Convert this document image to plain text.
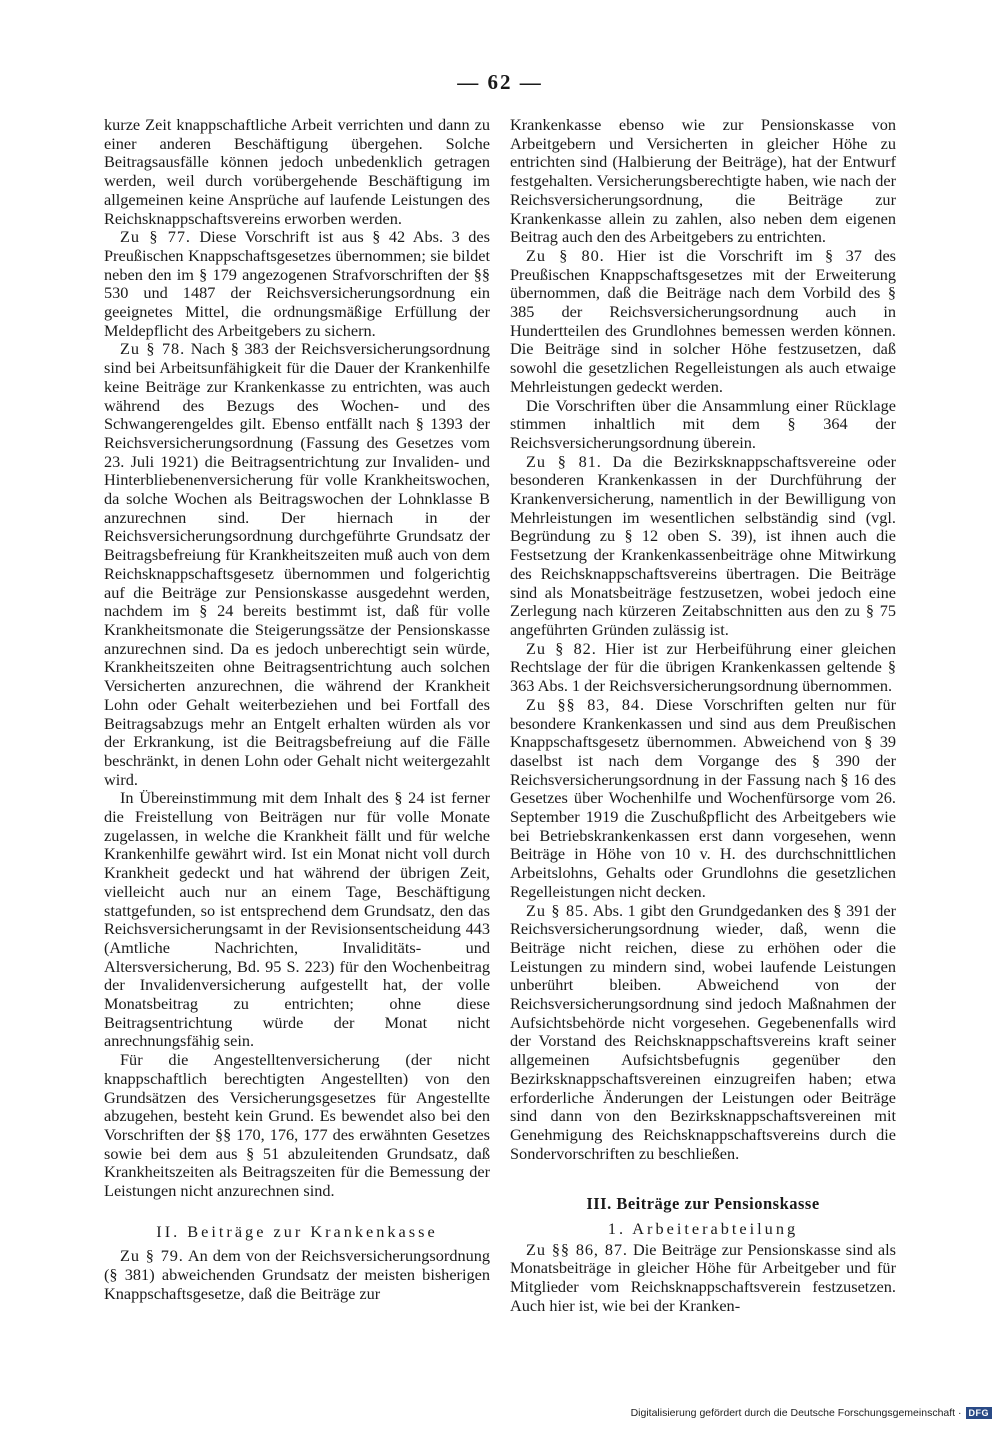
— 62 —

kurze Zeit knappschaftliche Arbeit verrichten und dann zu einer anderen Beschäftigung übergehen. Solche Beitragsausfälle können jedoch unbedenklich getragen werden, weil durch vorübergehende Beschäftigung im allgemeinen keine Ansprüche auf laufende Leistungen des Reichsknappschaftsvereins erworben werden.

Zu § 77. Diese Vorschrift ist aus § 42 Abs. 3 des Preußischen Knappschaftsgesetzes übernommen; sie bildet neben den im § 179 angezogenen Strafvorschriften der §§ 530 und 1487 der Reichsversicherungsordnung ein geeignetes Mittel, die ordnungsmäßige Erfüllung der Meldepflicht des Arbeitgebers zu sichern.

Zu § 78. Nach § 383 der Reichsversicherungsordnung sind bei Arbeitsunfähigkeit für die Dauer der Krankenhilfe keine Beiträge zur Krankenkasse zu entrichten, was auch während des Bezugs des Wochen- und des Schwangerengeldes gilt. Ebenso entfällt nach § 1393 der Reichsversicherungsordnung (Fassung des Gesetzes vom 23. Juli 1921) die Beitragsentrichtung zur Invaliden- und Hinterbliebenenversicherung für volle Krankheitswochen, da solche Wochen als Beitragswochen der Lohnklasse B anzurechnen sind. Der hiernach in der Reichsversicherungsordnung durchgeführte Grundsatz der Beitragsbefreiung für Krankheitszeiten muß auch von dem Reichsknappschaftsgesetz übernommen und folgerichtig auf die Beiträge zur Pensionskasse ausgedehnt werden, nachdem im § 24 bereits bestimmt ist, daß für volle Krankheitsmonate die Steigerungssätze der Pensionskasse anzurechnen sind. Da es jedoch unberechtigt sein würde, Krankheitszeiten ohne Beitragsentrichtung auch solchen Versicherten anzurechnen, die während der Krankheit Lohn oder Gehalt weiterbeziehen und bei Fortfall des Beitragsabzugs mehr an Entgelt erhalten würden als vor der Erkrankung, ist die Beitragsbefreiung auf die Fälle beschränkt, in denen Lohn oder Gehalt nicht weitergezahlt wird.

In Übereinstimmung mit dem Inhalt des § 24 ist ferner die Freistellung von Beiträgen nur für volle Monate zugelassen, in welche die Krankheit fällt und für welche Krankenhilfe gewährt wird. Ist ein Monat nicht voll durch Krankheit gedeckt und hat während der übrigen Zeit, vielleicht auch nur an einem Tage, Beschäftigung stattgefunden, so ist entsprechend dem Grundsatz, den das Reichsversicherungsamt in der Revisionsentscheidung 443 (Amtliche Nachrichten, Invaliditäts- und Altersversicherung, Bd. 95 S. 223) für den Wochenbeitrag der Invalidenversicherung aufgestellt hat, der volle Monatsbeitrag zu entrichten; ohne diese Beitragsentrichtung würde der Monat nicht anrechnungsfähig sein.

Für die Angestelltenversicherung (der nicht knappschaftlich berechtigten Angestellten) von den Grundsätzen des Versicherungsgesetzes für Angestellte abzugehen, besteht kein Grund. Es bewendet also bei den Vorschriften der §§ 170, 176, 177 des erwähnten Gesetzes sowie bei dem aus § 51 abzuleitenden Grundsatz, daß Krankheitszeiten als Beitragszeiten für die Bemessung der Leistungen nicht anzurechnen sind.

II. Beiträge zur Krankenkasse

Zu § 79. An dem von der Reichsversicherungsordnung (§ 381) abweichenden Grundsatz der meisten bisherigen Knappschaftsgesetze, daß die Beiträge zur

Krankenkasse ebenso wie zur Pensionskasse von Arbeitgebern und Versicherten in gleicher Höhe zu entrichten sind (Halbierung der Beiträge), hat der Entwurf festgehalten. Versicherungsberechtigte haben, wie nach der Reichsversicherungsordnung, die Beiträge zur Krankenkasse allein zu zahlen, also neben dem eigenen Beitrag auch den des Arbeitgebers zu entrichten.

Zu § 80. Hier ist die Vorschrift im § 37 des Preußischen Knappschaftsgesetzes mit der Erweiterung übernommen, daß die Beiträge nach dem Vorbild des § 385 der Reichsversicherungsordnung auch in Hundertteilen des Grundlohnes bemessen werden können. Die Beiträge sind in solcher Höhe festzusetzen, daß sowohl die gesetzlichen Regelleistungen als auch etwaige Mehrleistungen gedeckt werden.

Die Vorschriften über die Ansammlung einer Rücklage stimmen inhaltlich mit dem § 364 der Reichsversicherungsordnung überein.

Zu § 81. Da die Bezirksknappschaftsvereine oder besonderen Krankenkassen in der Durchführung der Krankenversicherung, namentlich in der Bewilligung von Mehrleistungen im wesentlichen selbständig sind (vgl. Begründung zu § 12 oben S. 39), ist ihnen auch die Festsetzung der Krankenkassenbeiträge ohne Mitwirkung des Reichsknappschaftsvereins übertragen. Die Beiträge sind als Monatsbeiträge festzusetzen, wobei jedoch eine Zerlegung nach kürzeren Zeitabschnitten aus den zu § 75 angeführten Gründen zulässig ist.

Zu § 82. Hier ist zur Herbeiführung einer gleichen Rechtslage der für die übrigen Krankenkassen geltende § 363 Abs. 1 der Reichsversicherungsordnung übernommen.

Zu §§ 83, 84. Diese Vorschriften gelten nur für besondere Krankenkassen und sind aus dem Preußischen Knappschaftsgesetz übernommen. Abweichend von § 39 daselbst ist nach dem Vorgange des § 390 der Reichsversicherungsordnung in der Fassung nach § 16 des Gesetzes über Wochenhilfe und Wochenfürsorge vom 26. September 1919 die Zuschußpflicht des Arbeitgebers wie bei Betriebskrankenkassen erst dann vorgesehen, wenn Beiträge in Höhe von 10 v. H. des durchschnittlichen Arbeitslohns, Gehalts oder Grundlohns die gesetzlichen Regelleistungen nicht decken.

Zu § 85. Abs. 1 gibt den Grundgedanken des § 391 der Reichsversicherungsordnung wieder, daß, wenn die Beiträge nicht reichen, diese zu erhöhen oder die Leistungen zu mindern sind, wobei laufende Leistungen unberührt bleiben. Abweichend von der Reichsversicherungsordnung sind jedoch Maßnahmen der Aufsichtsbehörde nicht vorgesehen. Gegebenenfalls wird der Vorstand des Reichsknappschaftsvereins kraft seiner allgemeinen Aufsichtsbefugnis gegenüber den Bezirksknappschaftsvereinen einzugreifen haben; etwa erforderliche Änderungen der Leistungen oder Beiträge sind dann von den Bezirksknappschaftsvereinen mit Genehmigung des Reichsknappschaftsvereins durch die Sondervorschriften zu beschließen.

III. Beiträge zur Pensionskasse
1. Arbeiterabteilung

Zu §§ 86, 87. Die Beiträge zur Pensionskasse sind als Monatsbeiträge in gleicher Höhe für Arbeitgeber und für Mitglieder vom Reichsknappschaftsverein festzusetzen. Auch hier ist, wie bei der Kranken-

Digitalisierung gefördert durch die Deutsche Forschungsgemeinschaft · DFG
